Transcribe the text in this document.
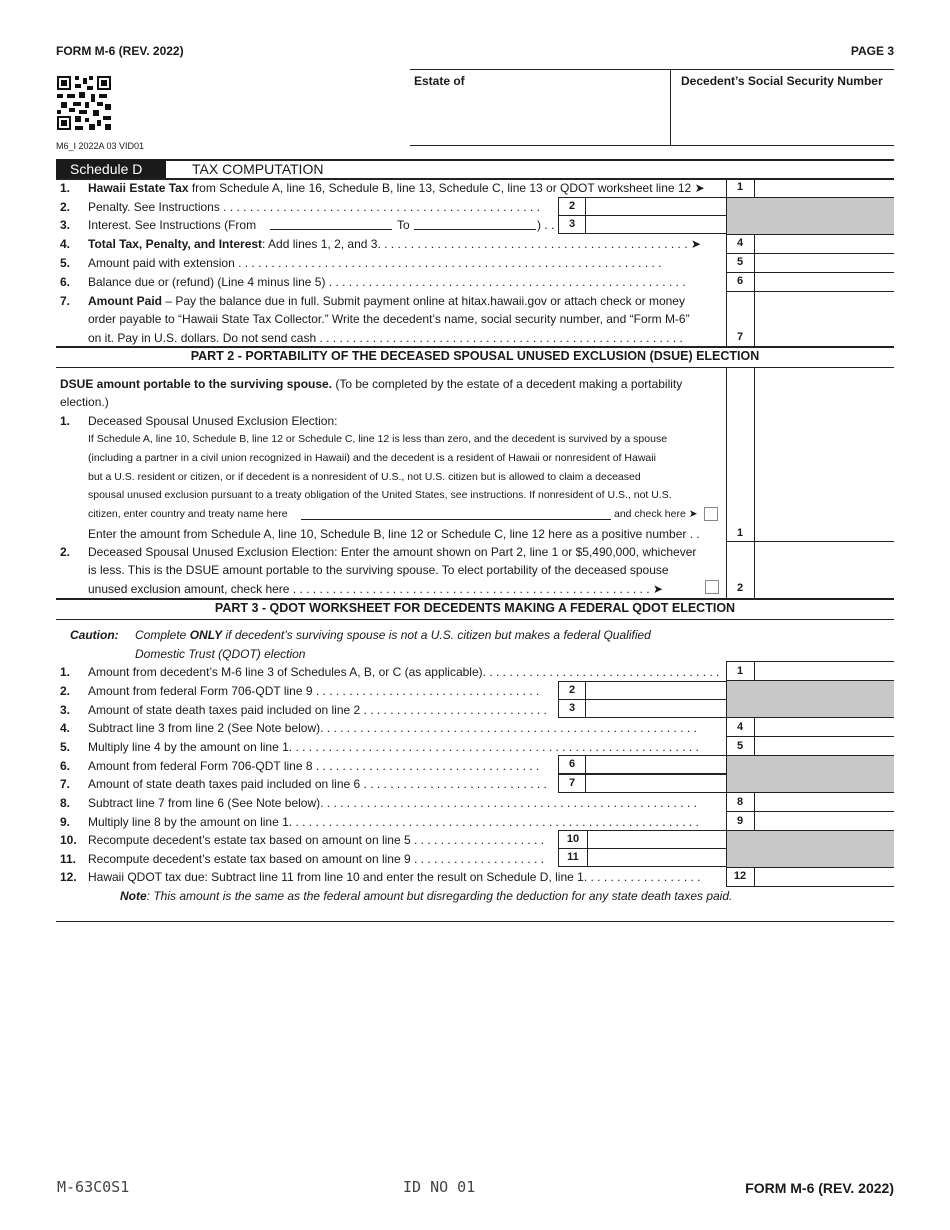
FORM M-6 (REV. 2022)	PAGE 3
M6_I 2022A 03 VID01
Estate of	Decedent’s Social Security Number
Schedule D	TAX COMPUTATION
1. Hawaii Estate Tax from Schedule A, line 16, Schedule B, line 13, Schedule C, line 13 or QDOT worksheet line 12 ➤	1
2. Penalty. See Instructions . . . . . . . . . . . . . . . . . . . . . . . . . . . . . . . . . . . . . . . . . . . . . . . .	2
3. Interest. See Instructions (From	To	) . .	3
4. Total Tax, Penalty, and Interest: Add lines 1, 2, and 3. . . . . . . . . . . . . . . . . . . . . . . . . . . . . . . . . . . . . . . . . . . . . . . ➤	4
5. Amount paid with extension . . . . . . . . . . . . . . . . . . . . . . . . . . . . . . . . . . . . . . . . . . . . . . . . . . . . . . . . . . . . . . . .	5
6. Balance due or (refund) (Line 4 minus line 5) . . . . . . . . . . . . . . . . . . . . . . . . . . . . . . . . . . . . . . . . . . . . . . . . . . . . . .	6
7. Amount Paid – Pay the balance due in full. Submit payment online at hitax.hawaii.gov or attach check or money
order payable to “Hawaii State Tax Collector.” Write the decedent’s name, social security number, and “Form M-6”
on it. Pay in U.S. dollars. Do not send cash . . . . . . . . . . . . . . . . . . . . . . . . . . . . . . . . . . . . . . . . . . . . . . . . . . . . . . .	7
PART 2 - PORTABILITY OF THE DECEASED SPOUSAL UNUSED EXCLUSION (DSUE) ELECTION
DSUE amount portable to the surviving spouse. (To be completed by the estate of a decedent making a portability
election.)
1. Deceased Spousal Unused Exclusion Election:
If Schedule A, line 10, Schedule B, line 12 or Schedule C, line 12 is less than zero, and the decedent is survived by a spouse
(including a partner in a civil union recognized in Hawaii) and the decedent is a resident of Hawaii or nonresident of Hawaii
but a U.S. resident or citizen, or if decedent is a nonresident of U.S., not U.S. citizen but is allowed to claim a deceased
spousal unused exclusion pursuant to a treaty obligation of the United States, see instructions. If nonresident of U.S., not U.S.
citizen, enter country and treaty name here	and check here ➤
Enter the amount from Schedule A, line 10, Schedule B, line 12 or Schedule C, line 12 here as a positive number . .	1
2. Deceased Spousal Unused Exclusion Election: Enter the amount shown on Part 2, line 1 or $5,490,000, whichever
is less. This is the DSUE amount portable to the surviving spouse. To elect portability of the deceased spouse
unused exclusion amount, check here . . . . . . . . . . . . . . . . . . . . . . . . . . . . . . . . . . . . . . . . . . . . . . . . . . . . . . ➤	2
PART 3 - QDOT WORKSHEET FOR DECEDENTS MAKING A FEDERAL QDOT ELECTION
Caution: Complete ONLY if decedent’s surviving spouse is not a U.S. citizen but makes a federal Qualified
Domestic Trust (QDOT) election
1. Amount from decedent’s M-6 line 3 of Schedules A, B, or C (as applicable). . . . . . . . . . . . . . . . . . . . . . . . . . . . . . . . . . . .	1
2. Amount from federal Form 706-QDT line 9 . . . . . . . . . . . . . . . . . . . . . . . . . . . . . . . . . .	2
3. Amount of state death taxes paid included on line 2 . . . . . . . . . . . . . . . . . . . . . . . . . . . .	3
4. Subtract line 3 from line 2 (See Note below). . . . . . . . . . . . . . . . . . . . . . . . . . . . . . . . . . . . . . . . . . . . . . . . . . . . . . . . .	4
5. Multiply line 4 by the amount on line 1. . . . . . . . . . . . . . . . . . . . . . . . . . . . . . . . . . . . . . . . . . . . . . . . . . . . . . . . . . . . . .	5
6. Amount from federal Form 706-QDT line 8 . . . . . . . . . . . . . . . . . . . . . . . . . . . . . . . . . .	6
7. Amount of state death taxes paid included on line 6 . . . . . . . . . . . . . . . . . . . . . . . . . . . .	7
8. Subtract line 7 from line 6 (See Note below). . . . . . . . . . . . . . . . . . . . . . . . . . . . . . . . . . . . . . . . . . . . . . . . . . . . . . . . .	8
9. Multiply line 8 by the amount on line 1. . . . . . . . . . . . . . . . . . . . . . . . . . . . . . . . . . . . . . . . . . . . . . . . . . . . . . . . . . . . . .	9
10. Recompute decedent’s estate tax based on amount on line 5 . . . . . . . . . . . . . . . . . . . .	10
11. Recompute decedent’s estate tax based on amount on line 9 . . . . . . . . . . . . . . . . . . . .	11
12. Hawaii QDOT tax due: Subtract line 11 from line 10 and enter the result on Schedule D, line 1. . . . . . . . . . . . . . . . . .	12
Note: This amount is the same as the federal amount but disregarding the deduction for any state death taxes paid.
M-63C0S1	ID NO 01	FORM M-6 (REV. 2022)
